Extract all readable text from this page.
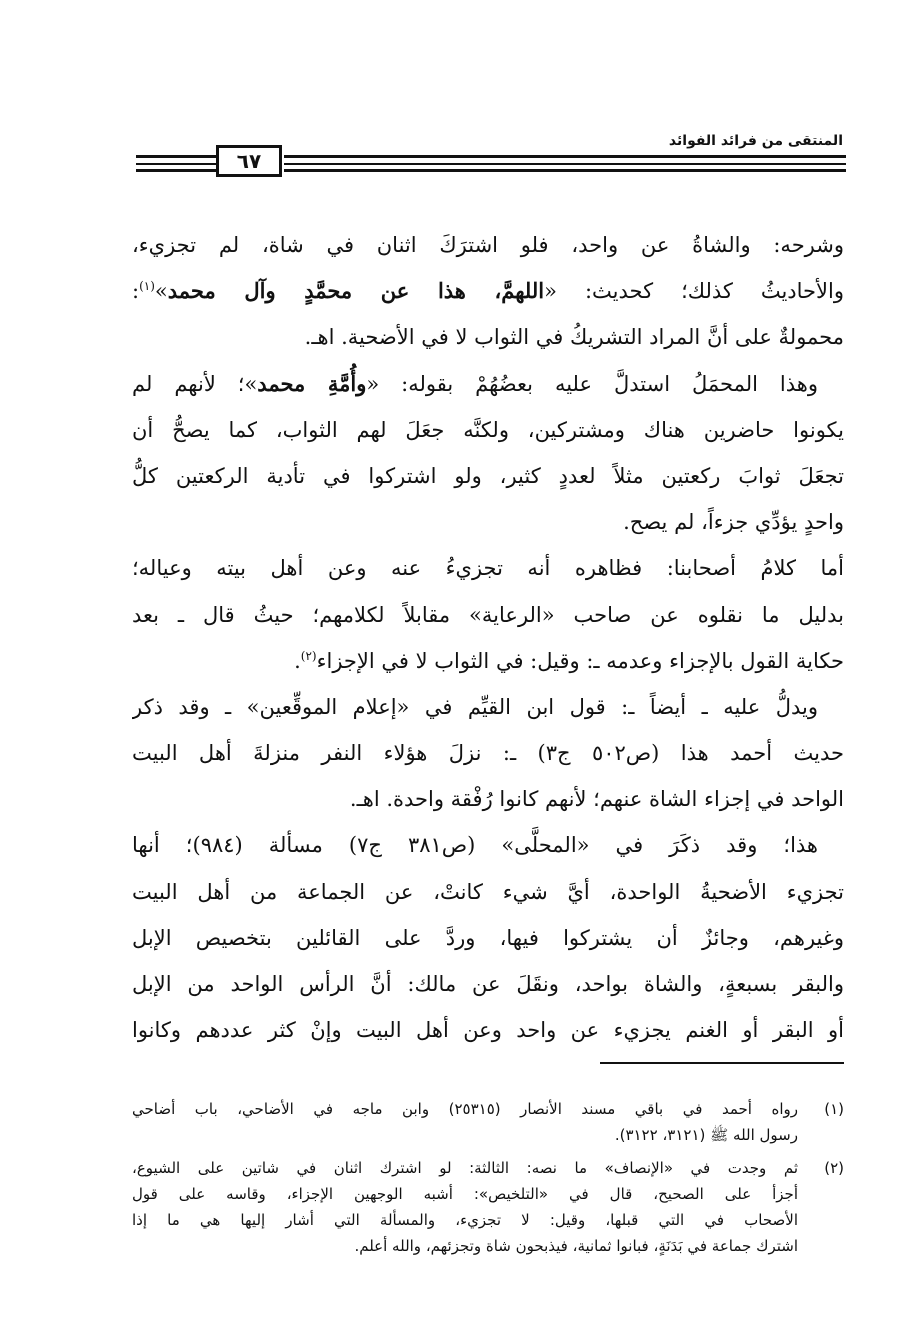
المنتقى من فرائد الفوائد
٦٧
وشرحه: والشاةُ عن واحد، فلو اشترَكَ اثنان في شاة، لم تجزيء،
والأحاديثُ كذلك؛ كحديث: «اللهمَّ، هذا عن محمَّدٍ وآل محمد»$^{(١)}$:
محمولةٌ على أنَّ المراد التشريكُ في الثواب لا في الأضحية. اهـ.
وهذا المحمَلُ استدلَّ عليه بعضُهُمْ بقوله: «وأُمَّةِ محمد»؛ لأنهم لم
يكونوا حاضرين هناك ومشتركين، ولكنَّه جعَلَ لهم الثواب، كما يصحُّ أن
تجعَلَ ثوابَ ركعتين مثلاً لعددٍ كثير، ولو اشتركوا في تأدية الركعتين كلُّ
واحدٍ يؤدِّي جزءاً، لم يصح.
أما كلامُ أصحابنا: فظاهره أنه تجزيءُ عنه وعن أهل بيته وعياله؛
بدليل ما نقلوه عن صاحب «الرعاية» مقابلاً لكلامهم؛ حيثُ قال ـ بعد
حكاية القول بالإجزاء وعدمه ـ: وقيل: في الثواب لا في الإجزاء$^{(٢)}$.
ويدلُّ عليه ـ أيضاً ـ: قول ابن القيِّم في «إعلام الموقِّعين» ـ وقد ذكر
حديث أحمد هذا (ص٥٠٢ ج٣) ـ: نزلَ هؤلاء النفر منزلةَ أهل البيت
الواحد في إجزاء الشاة عنهم؛ لأنهم كانوا رُفْقة واحدة. اهـ.
هذا؛ وقد ذكَرَ في «المحلَّى» (ص٣٨١ ج٧) مسألة (٩٨٤)؛ أنها
تجزيء الأضحيةُ الواحدة، أيَّ شيء كانتْ، عن الجماعة من أهل البيت
وغيرهم، وجائزٌ أن يشتركوا فيها، وردَّ على القائلين بتخصيص الإبل
والبقر بسبعةٍ، والشاة بواحد، ونقَلَ عن مالك: أنَّ الرأس الواحد من الإبل
أو البقر أو الغنم يجزيء عن واحد وعن أهل البيت وإنْ كثر عددهم وكانوا
(١)
رواه أحمد في باقي مسند الأنصار (٢٥٣١٥) وابن ماجه في الأضاحي، باب أضاحي
رسول الله ﷺ (٣١٢١، ٣١٢٢).
(٢)
ثم وجدت في «الإنصاف» ما نصه: الثالثة: لو اشترك اثنان في شاتين على الشيوع،
أجزأ على الصحيح، قال في «التلخيص»: أشبه الوجهين الإجزاء، وقاسه على قول
الأصحاب في التي قبلها، وقيل: لا تجزيء، والمسألة التي أشار إليها هي ما إذا
اشترك جماعة في بَدَنَةٍ، فبانوا ثمانية، فيذبحون شاة وتجزئهم، والله أعلم.
